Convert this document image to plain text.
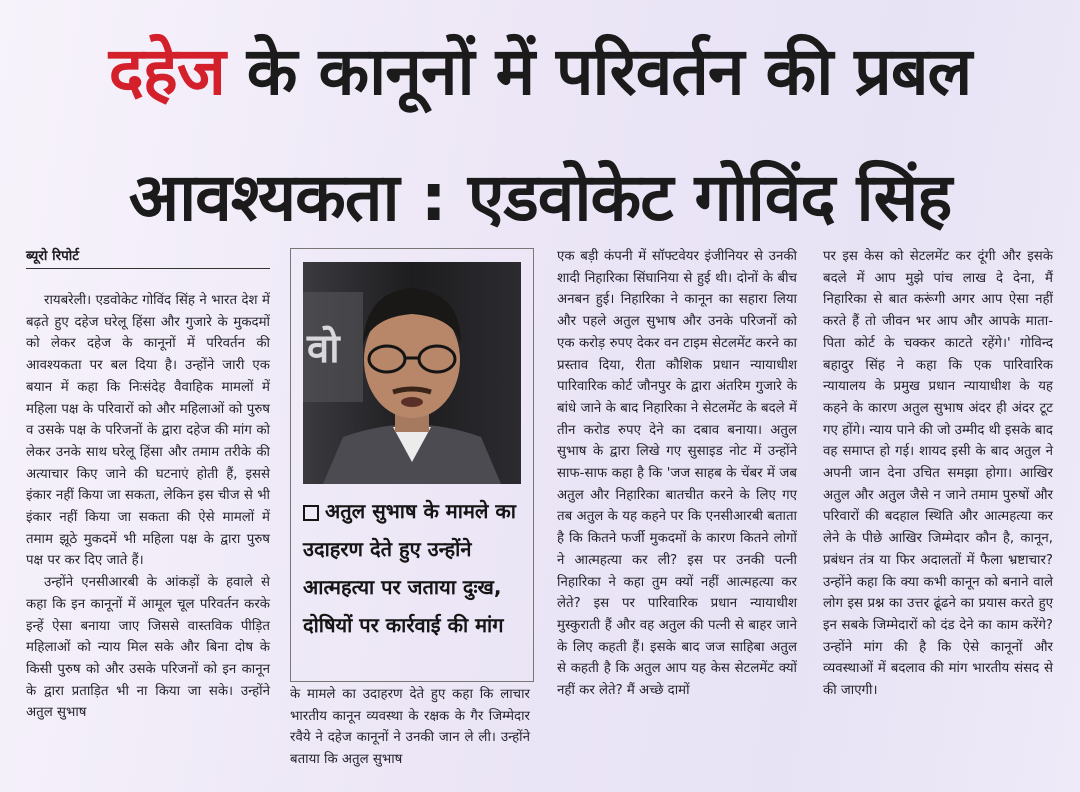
दहेज के कानूनों में परिवर्तन की प्रबल
आवश्यकता : एडवोकेट गोविंद सिंह
ब्यूरो रिपोर्ट

रायबरेली। एडवोकेट गोविंद सिंह ने भारत देश में बढ़ते हुए दहेज घरेलू हिंसा और गुजारे के मुकदमों को लेकर दहेज के कानूनों में परिवर्तन की आवश्यकता पर बल दिया है। उन्होंने जारी एक बयान में कहा कि निःसंदेह वैवाहिक मामलों में महिला पक्ष के परिवारों को और महिलाओं को पुरुष व उसके पक्ष के परिजनों के द्वारा दहेज की मांग को लेकर उनके साथ घरेलू हिंसा और तमाम तरीके की अत्याचार किए जाने की घटनाएं होती हैं, इससे इंकार नहीं किया जा सकता, लेकिन इस चीज से भी इंकार नहीं किया जा सकता की ऐसे मामलों में तमाम झूठे मुकदमें भी महिला पक्ष के द्वारा पुरुष पक्ष पर कर दिए जाते हैं।

उन्होंने एनसीआरबी के आंकड़ों के हवाले से कहा कि इन कानूनों में आमूल चूल परिवर्तन करके इन्हें ऐसा बनाया जाए जिससे वास्तविक पीड़ित महिलाओं को न्याय मिल सके और बिना दोष के किसी पुरुष को और उसके परिजनों को इन कानून के द्वारा प्रताड़ित भी ना किया जा सके। उन्होंने अतुल सुभाष

वो
अतुल सुभाष के मामले का उदाहरण देते हुए उन्होंने आत्महत्या पर जताया दुःख, दोषियों पर कार्रवाई की मांग

के मामले का उदाहरण देते हुए कहा कि लाचार भारतीय कानून व्यवस्था के रक्षक के गैर जिम्मेदार रवैये ने दहेज कानूनों ने उनकी जान ले ली। उन्होंने बताया कि अतुल सुभाष

एक बड़ी कंपनी में सॉफ्टवेयर इंजीनियर से उनकी शादी निहारिका सिंघानिया से हुई थी। दोनों के बीच अनबन हुई। निहारिका ने कानून का सहारा लिया और पहले अतुल सुभाष और उनके परिजनों को एक करोड़ रुपए देकर वन टाइम सेटलमेंट करने का प्रस्ताव दिया, रीता कौशिक प्रधान न्यायाधीश पारिवारिक कोर्ट जौनपुर के द्वारा अंतरिम गुजारे के बांधे जाने के बाद निहारिका ने सेटलमेंट के बदले में तीन करोड रुपए देने का दबाव बनाया। अतुल सुभाष के द्वारा लिखे गए सुसाइड नोट में उन्होंने साफ-साफ कहा है कि 'जज साहब के चेंबर में जब अतुल और निहारिका बातचीत करने के लिए गए तब अतुल के यह कहने पर कि एनसीआरबी बताता है कि कितने फर्जी मुकदमों के कारण कितने लोगों ने आत्महत्या कर ली? इस पर उनकी पत्नी निहारिका ने कहा तुम क्यों नहीं आत्महत्या कर लेते? इस पर पारिवारिक प्रधान न्यायाधीश मुस्कुराती हैं और वह अतुल की पत्नी से बाहर जाने के लिए कहती हैं। इसके बाद जज साहिबा अतुल से कहती है कि अतुल आप यह केस सेटलमेंट क्यों नहीं कर लेते? मैं अच्छे दामों

पर इस केस को सेटलमेंट कर दूंगी और इसके बदले में आप मुझे पांच लाख दे देना, मैं निहारिका से बात करूंगी अगर आप ऐसा नहीं करते हैं तो जीवन भर आप और आपके माता-पिता कोर्ट के चक्कर काटते रहेंगे।' गोविन्द बहादुर सिंह ने कहा कि एक पारिवारिक न्यायालय के प्रमुख प्रधान न्यायाधीश के यह कहने के कारण अतुल सुभाष अंदर ही अंदर टूट गए होंगे। न्याय पाने की जो उम्मीद थी इसके बाद वह समाप्त हो गई। शायद इसी के बाद अतुल ने अपनी जान देना उचित समझा होगा। आखिर अतुल और अतुल जैसे न जाने तमाम पुरुषों और परिवारों की बदहाल स्थिति और आत्महत्या कर लेने के पीछे आखिर जिम्मेदार कौन है, कानून, प्रबंधन तंत्र या फिर अदालतों में फैला भ्रष्टाचार? उन्होंने कहा कि क्या कभी कानून को बनाने वाले लोग इस प्रश्न का उत्तर ढूंढने का प्रयास करते हुए इन सबके जिम्मेदारों को दंड देने का काम करेंगे? उन्होंने मांग की है कि ऐसे कानूनों और व्यवस्थाओं में बदलाव की मांग भारतीय संसद से की जाएगी।
